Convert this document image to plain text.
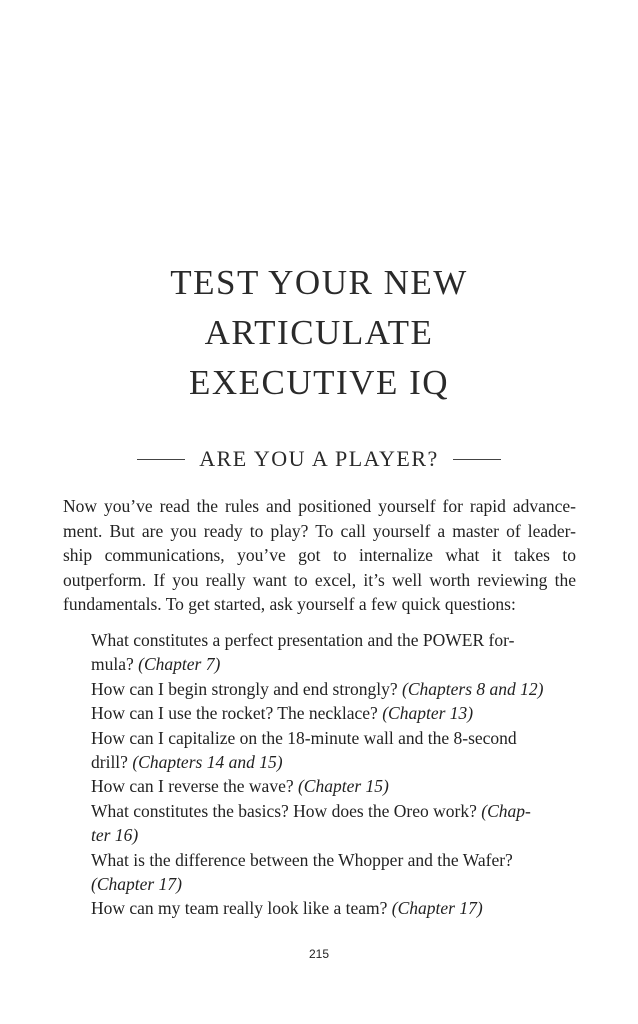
TEST YOUR NEW
ARTICULATE
EXECUTIVE IQ
ARE YOU A PLAYER?
Now you’ve read the rules and positioned yourself for rapid advance-
ment. But are you ready to play? To call yourself a master of leader-
ship communications, you’ve got to internalize what it takes to
outperform. If you really want to excel, it’s well worth reviewing the
fundamentals. To get started, ask yourself a few quick questions:
What constitutes a perfect presentation and the POWER for-
mula? (Chapter 7)
How can I begin strongly and end strongly? (Chapters 8 and 12)
How can I use the rocket? The necklace? (Chapter 13)
How can I capitalize on the 18-minute wall and the 8-second
drill? (Chapters 14 and 15)
How can I reverse the wave? (Chapter 15)
What constitutes the basics? How does the Oreo work? (Chap-
ter 16)
What is the difference between the Whopper and the Wafer?
(Chapter 17)
How can my team really look like a team? (Chapter 17)
215
